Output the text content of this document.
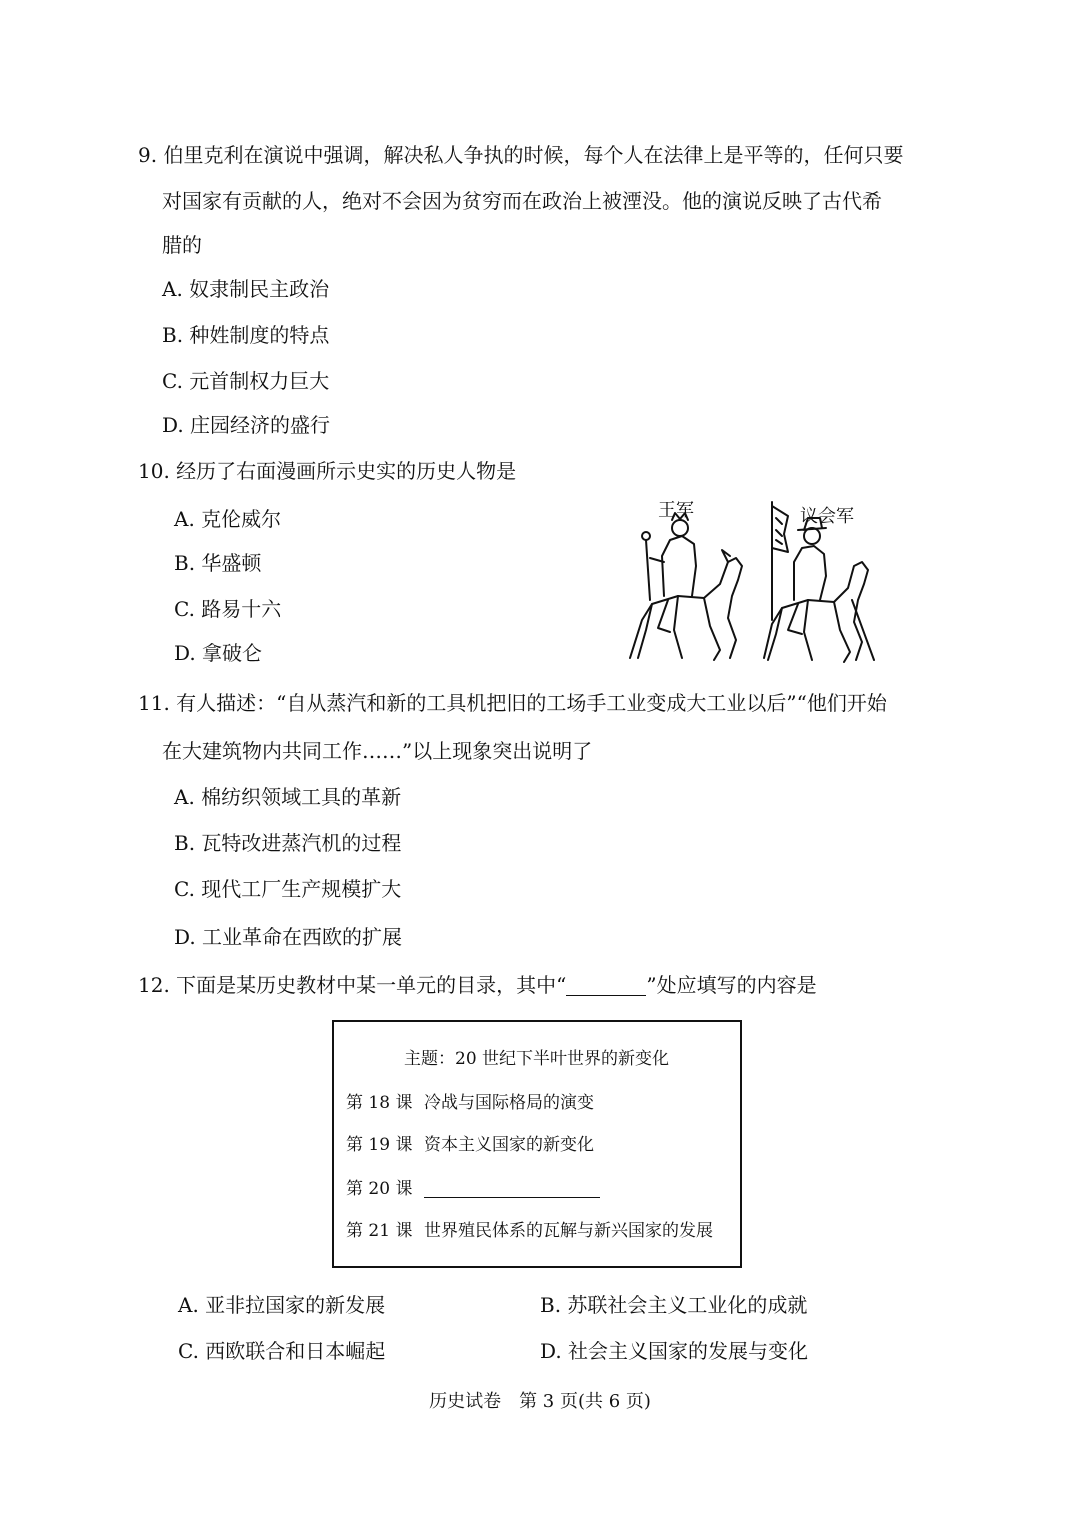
9. 伯里克利在演说中强调，解决私人争执的时候，每个人在法律上是平等的，任何只要
对国家有贡献的人，绝对不会因为贫穷而在政治上被湮没。他的演说反映了古代希
腊的
A. 奴隶制民主政治
B. 种姓制度的特点
C. 元首制权力巨大
D. 庄园经济的盛行
10. 经历了右面漫画所示史实的历史人物是
A. 克伦威尔
B. 华盛顿
C. 路易十六
D. 拿破仑
王军	议会军
11. 有人描述：“自从蒸汽和新的工具机把旧的工场手工业变成大工业以后”“他们开始
在大建筑物内共同工作……”以上现象突出说明了
A. 棉纺织领域工具的革新
B. 瓦特改进蒸汽机的过程
C. 现代工厂生产规模扩大
D. 工业革命在西欧的扩展
12. 下面是某历史教材中某一单元的目录，其中“	”处应填写的内容是
主题：20 世纪下半叶世界的新变化
第 18 课 冷战与国际格局的演变
第 19 课 资本主义国家的新变化
第 20 课
第 21 课 世界殖民体系的瓦解与新兴国家的发展
A. 亚非拉国家的新发展	B. 苏联社会主义工业化的成就
C. 西欧联合和日本崛起	D. 社会主义国家的发展与变化
历史试卷　第 3 页(共 6 页)
